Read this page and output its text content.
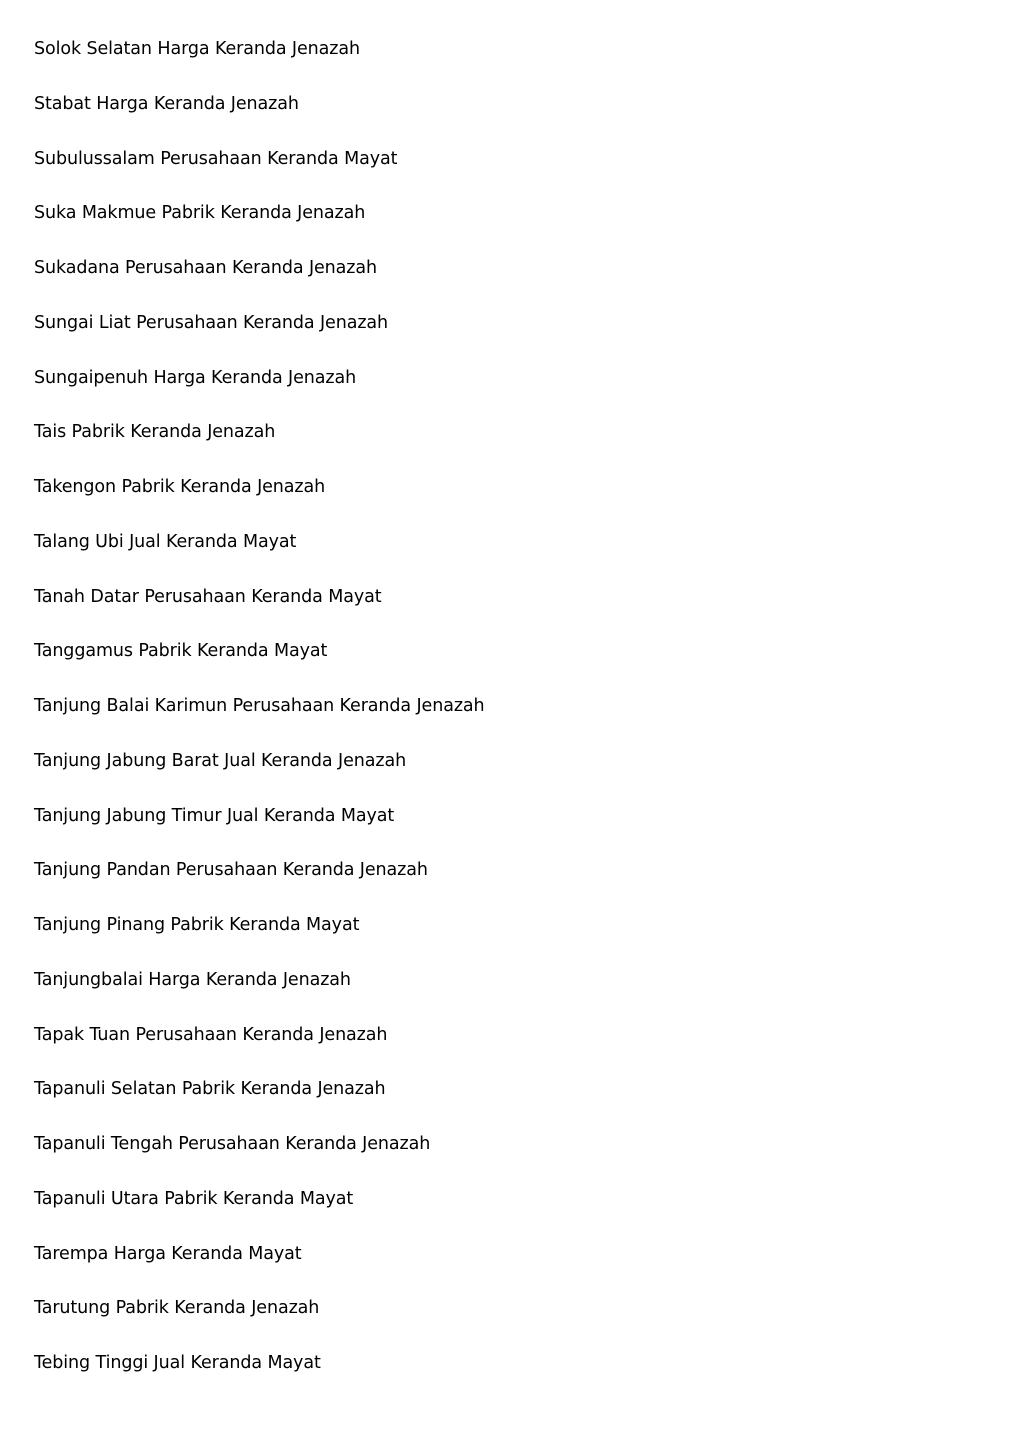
Solok Selatan Harga Keranda Jenazah
Stabat Harga Keranda Jenazah
Subulussalam Perusahaan Keranda Mayat
Suka Makmue Pabrik Keranda Jenazah
Sukadana Perusahaan Keranda Jenazah
Sungai Liat Perusahaan Keranda Jenazah
Sungaipenuh Harga Keranda Jenazah
Tais Pabrik Keranda Jenazah
Takengon Pabrik Keranda Jenazah
Talang Ubi Jual Keranda Mayat
Tanah Datar Perusahaan Keranda Mayat
Tanggamus Pabrik Keranda Mayat
Tanjung Balai Karimun Perusahaan Keranda Jenazah
Tanjung Jabung Barat Jual Keranda Jenazah
Tanjung Jabung Timur Jual Keranda Mayat
Tanjung Pandan Perusahaan Keranda Jenazah
Tanjung Pinang Pabrik Keranda Mayat
Tanjungbalai Harga Keranda Jenazah
Tapak Tuan Perusahaan Keranda Jenazah
Tapanuli Selatan Pabrik Keranda Jenazah
Tapanuli Tengah Perusahaan Keranda Jenazah
Tapanuli Utara Pabrik Keranda Mayat
Tarempa Harga Keranda Mayat
Tarutung Pabrik Keranda Jenazah
Tebing Tinggi Jual Keranda Mayat
